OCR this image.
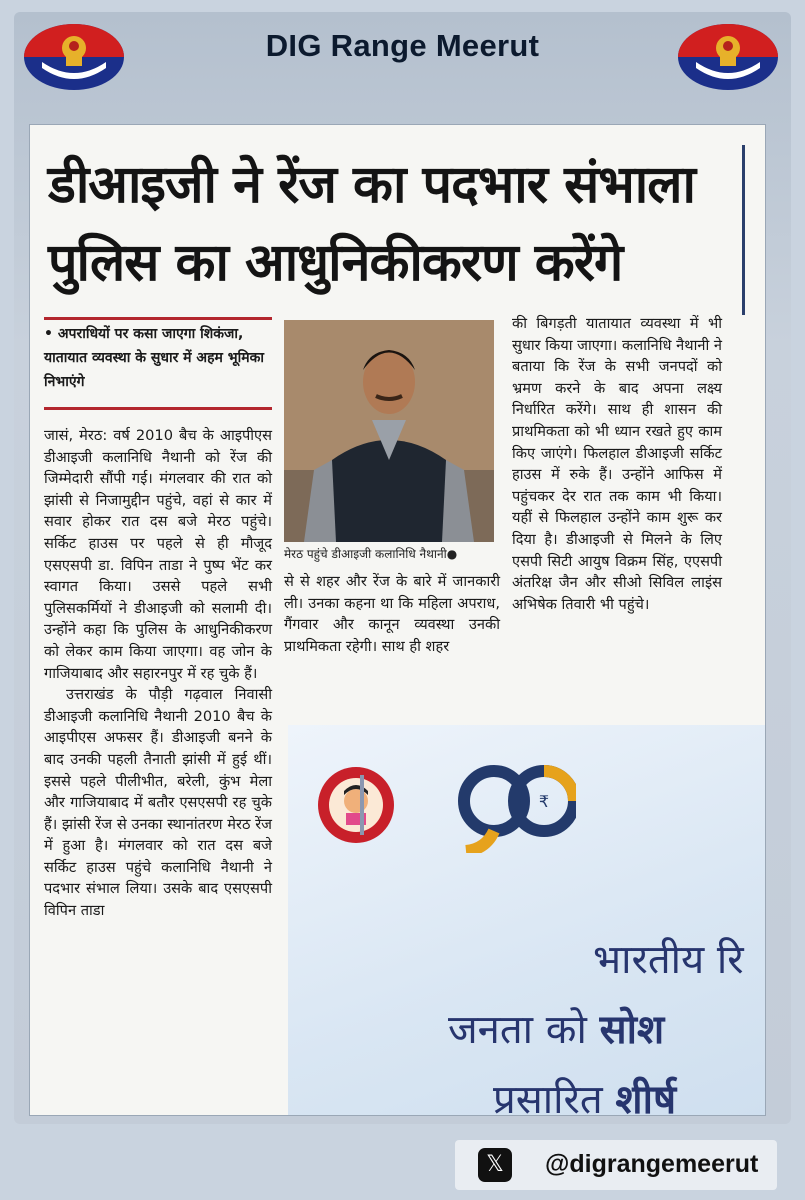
DIG Range Meerut
डीआइजी ने रेंज का पदभार संभाला
पुलिस का आधुनिकीकरण करेंगे
• अपराधियों पर कसा जाएगा शिकंजा, यातायात व्यवस्था के सुधार में अहम भूमिका निभाएंगे

जासं, मेरठ: वर्ष 2010 बैच के आइपीएस डीआइजी कलानिधि नैथानी को रेंज की जिम्मेदारी सौंपी गई। मंगलवार की रात को झांसी से निजामुद्दीन पहुंचे, वहां से कार में सवार होकर रात दस बजे मेरठ पहुंचे। सर्किट हाउस पर पहले से ही मौजूद एसएसपी डा. विपिन ताडा ने पुष्प भेंट कर स्वागत किया। उससे पहले सभी पुलिसकर्मियों ने डीआइजी को सलामी दी। उन्होंने कहा कि पुलिस के आधुनिकीकरण को लेकर काम किया जाएगा। वह जोन के गाजियाबाद और सहारनपुर में रह चुके हैं।

उत्तराखंड के पौड़ी गढ़वाल निवासी डीआइजी कलानिधि नैथानी 2010 बैच के आइपीएस अफसर हैं। डीआइजी बनने के बाद उनकी पहली तैनाती झांसी में हुई थीं। इससे पहले पीलीभीत, बरेली, कुंभ मेला और गाजियाबाद में बतौर एसएसपी रह चुके हैं। झांसी रेंज से उनका स्थानांतरण मेरठ रेंज में हुआ है। मंगलवार को रात दस बजे सर्किट हाउस पहुंचे कलानिधि नैथानी ने पदभार संभाल लिया। उसके बाद एसएसपी विपिन ताडा

मेरठ पहुंचे डीआइजी कलानिधि नैथानी●

से से शहर और रेंज के बारे में जानकारी ली। उनका कहना था कि महिला अपराध, गैंगवार और कानून व्यवस्था उनकी प्राथमिकता रहेगी। साथ ही शहर

की बिगड़ती यातायात व्यवस्था में भी सुधार किया जाएगा। कलानिधि नैथानी ने बताया कि रेंज के सभी जनपदों को भ्रमण करने के बाद अपना लक्ष्य निर्धारित करेंगे। साथ ही शासन की प्राथमिकता को भी ध्यान रखते हुए काम किए जाएंगे। फिलहाल डीआइजी सर्किट हाउस में रुके हैं। उन्होंने आफिस में पहुंचकर देर रात तक काम भी किया। यहीं से फिलहाल उन्होंने काम शुरू कर दिया है। डीआइजी से मिलने के लिए एसपी सिटी आयुष विक्रम सिंह, एएसपी अंतरिक्ष जैन और सीओ सिविल लाइंस अभिषेक तिवारी भी पहुंचे।

₹
भारतीय रि
जनता को सोश
प्रसारित शीर्ष
𝕏	@digrangemeerut
